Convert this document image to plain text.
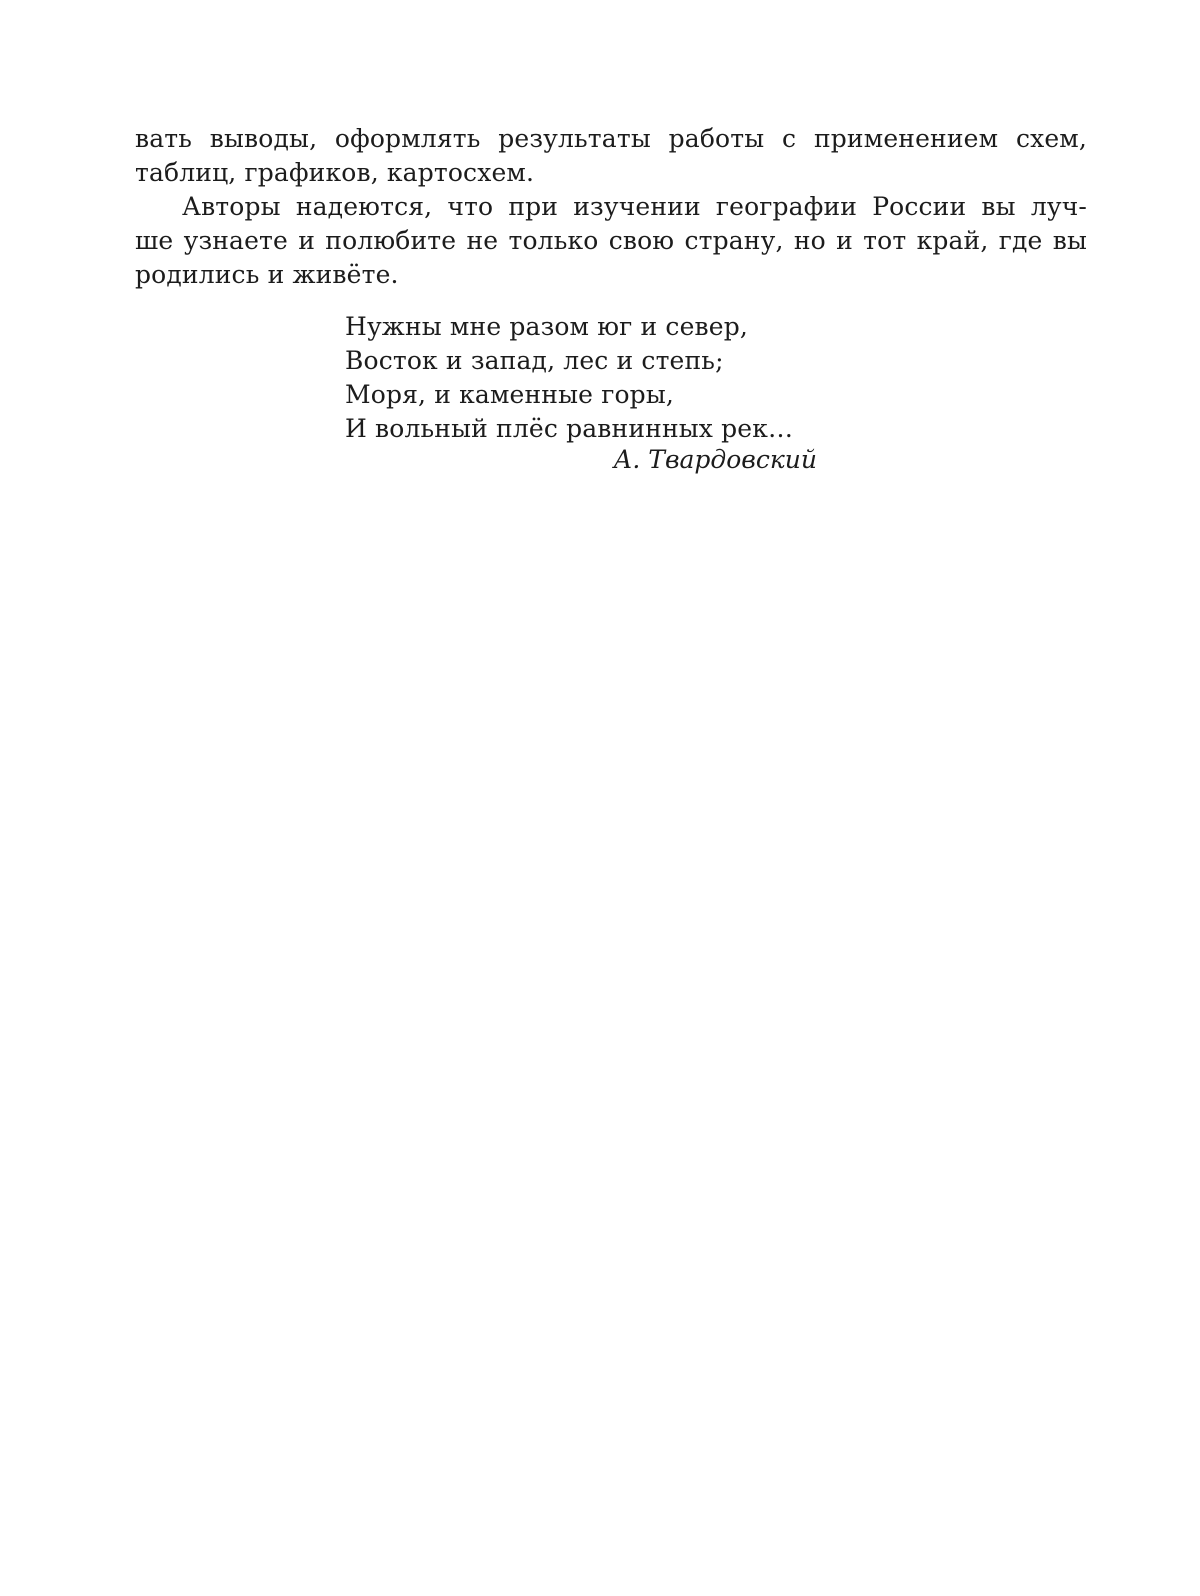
вать выводы, оформлять результаты работы с применением схем,
таблиц, графиков, картосхем.
Авторы надеются, что при изучении географии России вы луч-
ше узнаете и полюбите не только свою страну, но и тот край, где вы
родились и живёте.
Нужны мне разом юг и север,
Восток и запад, лес и степь;
Моря, и каменные горы,
И вольный плёс равнинных рек…
А. Твардовский
